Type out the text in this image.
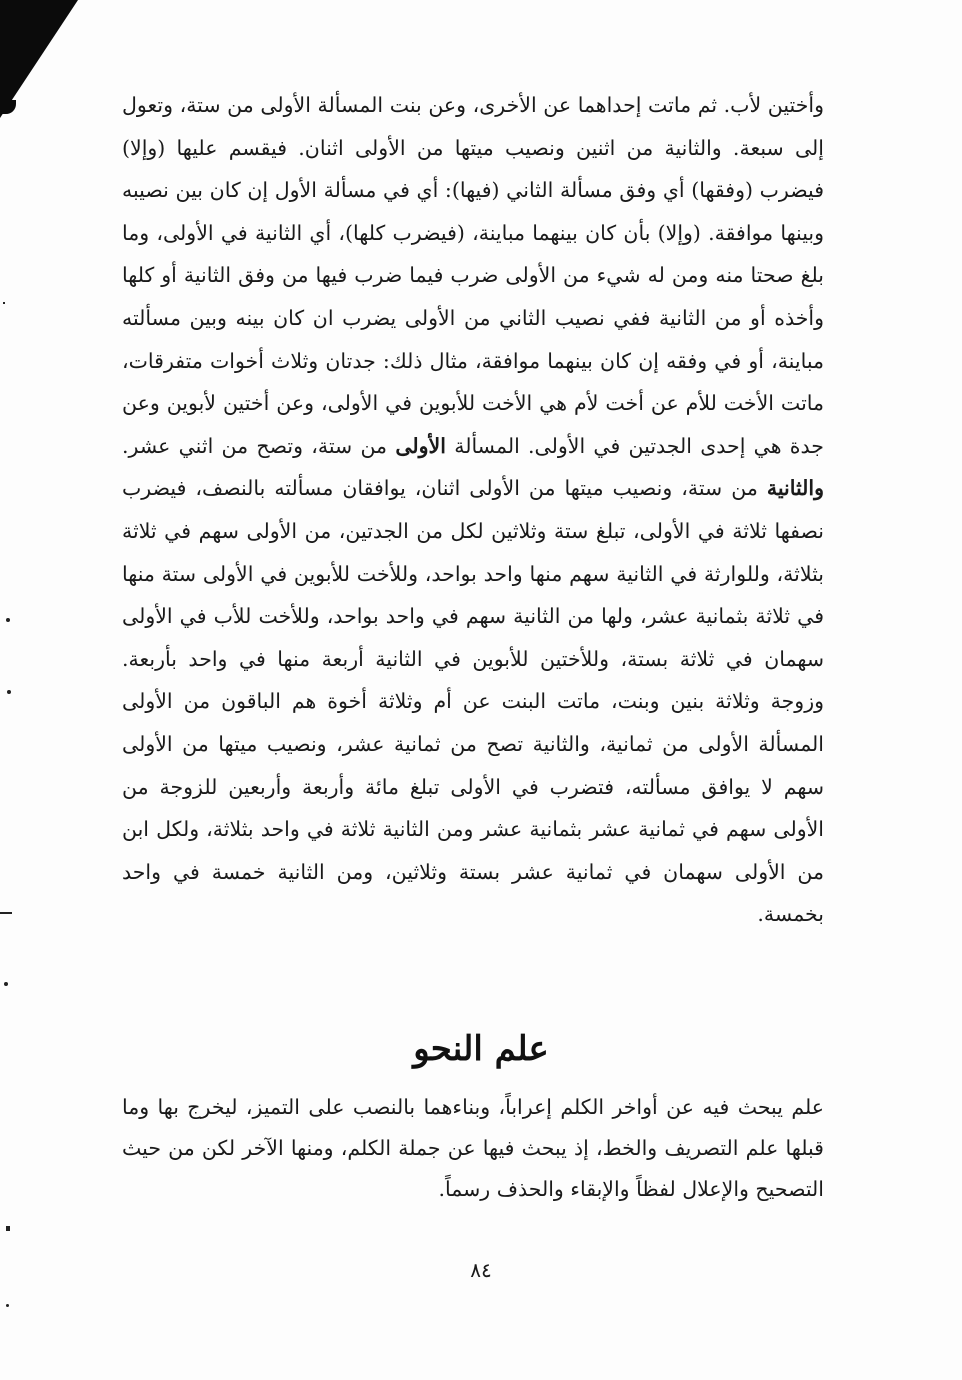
وأختين لأب. ثم ماتت إحداهما عن الأخرى، وعن بنت المسألة الأولى من ستة، وتعول إلى سبعة. والثانية من اثنين ونصيب ميتها من الأولى اثنان. فيقسم عليها (وإلا) فيضرب (وفقها) أي وفق مسألة الثاني (فيها): أي في مسألة الأول إن كان بين نصيبه وبينها موافقة. (وإلا) بأن كان بينهما مباينة، (فيضرب كلها)، أي الثانية في الأولى، وما بلغ صحتا منه ومن له شيء من الأولى ضرب فيما ضرب فيها من وفق الثانية أو كلها وأخذه أو من الثانية ففي نصيب الثاني من الأولى يضرب ان كان بينه وبين مسألته مباينة، أو في وفقه إن كان بينهما موافقة، مثال ذلك: جدتان وثلاث أخوات متفرقات، ماتت الأخت للأم عن أخت لأم هي الأخت للأبوين في الأولى، وعن أختين لأبوين وعن جدة هي إحدى الجدتين في الأولى. المسألة الأولى من ستة، وتصح من اثني عشر. والثانية من ستة، ونصيب ميتها من الأولى اثنان، يوافقان مسألته بالنصف، فيضرب نصفها ثلاثة في الأولى، تبلغ ستة وثلاثين لكل من الجدتين، من الأولى سهم في ثلاثة بثلاثة، وللوارثة في الثانية سهم منها واحد بواحد، وللأخت للأبوين في الأولى ستة منها في ثلاثة بثمانية عشر، ولها من الثانية سهم في واحد بواحد، وللأخت للأب في الأولى سهمان في ثلاثة بستة، وللأختين للأبوين في الثانية أربعة منها في واحد بأربعة. وزوجة وثلاثة بنين وبنت، ماتت البنت عن أم وثلاثة أخوة هم الباقون من الأولى المسألة الأولى من ثمانية، والثانية تصح من ثمانية عشر، ونصيب ميتها من الأولى سهم لا يوافق مسألته، فتضرب في الأولى تبلغ مائة وأربعة وأربعين للزوجة من الأولى سهم في ثمانية عشر بثمانية عشر ومن الثانية ثلاثة في واحد بثلاثة، ولكل ابن من الأولى سهمان في ثمانية عشر بستة وثلاثين، ومن الثانية خمسة في واحد بخمسة.

علم النحو

علم يبحث فيه عن أواخر الكلم إعراباً، وبناءهما بالنصب على التميز، ليخرج بها وما قبلها علم التصريف والخط، إذ يبحث فيها عن جملة الكلم، ومنها الآخر لكن من حيث التصحيح والإعلال لفظاً والإبقاء والحذف رسماً.

٨٤
